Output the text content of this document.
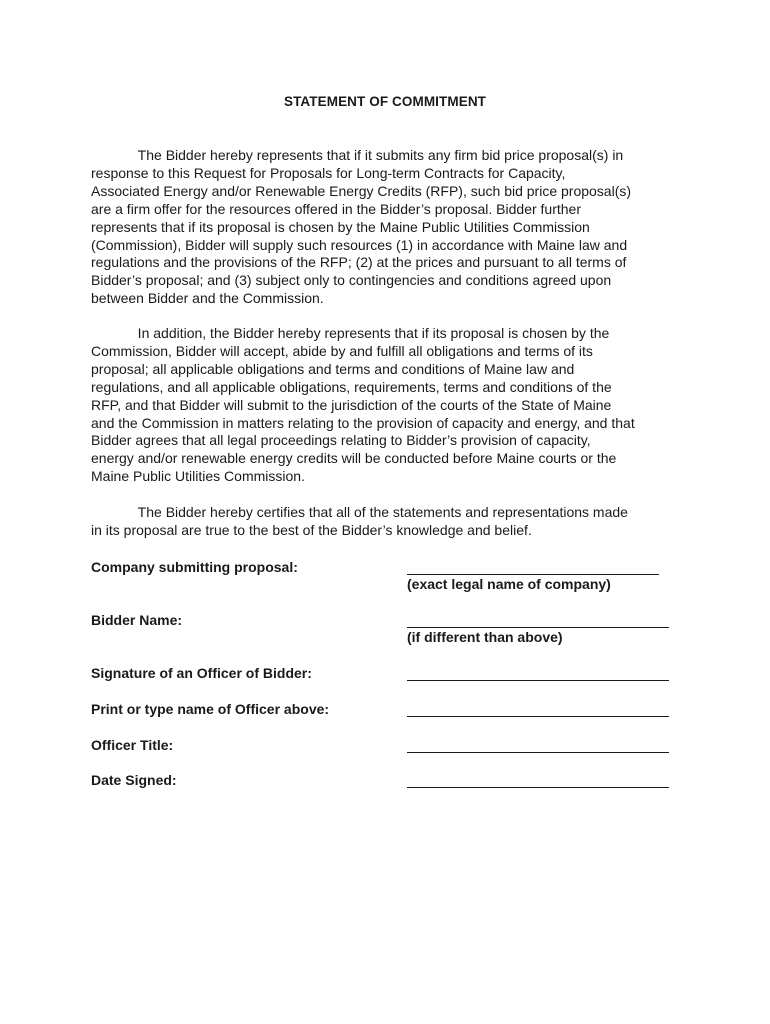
STATEMENT OF COMMITMENT

The Bidder hereby represents that if it submits any firm bid price proposal(s) in
response to this Request for Proposals for Long-term Contracts for Capacity,
Associated Energy and/or Renewable Energy Credits (RFP), such bid price proposal(s)
are a firm offer for the resources offered in the Bidder’s proposal. Bidder further
represents that if its proposal is chosen by the Maine Public Utilities Commission
(Commission), Bidder will supply such resources (1) in accordance with Maine law and
regulations and the provisions of the RFP; (2) at the prices and pursuant to all terms of
Bidder’s proposal; and (3) subject only to contingencies and conditions agreed upon
between Bidder and the Commission.

In addition, the Bidder hereby represents that if its proposal is chosen by the
Commission, Bidder will accept, abide by and fulfill all obligations and terms of its
proposal; all applicable obligations and terms and conditions of Maine law and
regulations, and all applicable obligations, requirements, terms and conditions of the
RFP, and that Bidder will submit to the jurisdiction of the courts of the State of Maine
and the Commission in matters relating to the provision of capacity and energy, and that
Bidder agrees that all legal proceedings relating to Bidder’s provision of capacity,
energy and/or renewable energy credits will be conducted before Maine courts or the
Maine Public Utilities Commission.

The Bidder hereby certifies that all of the statements and representations made
in its proposal are true to the best of the Bidder’s knowledge and belief.

Company submitting proposal:
(exact legal name of company)
Bidder Name:
(if different than above)
Signature of an Officer of Bidder:
Print or type name of Officer above:
Officer Title:
Date Signed:
